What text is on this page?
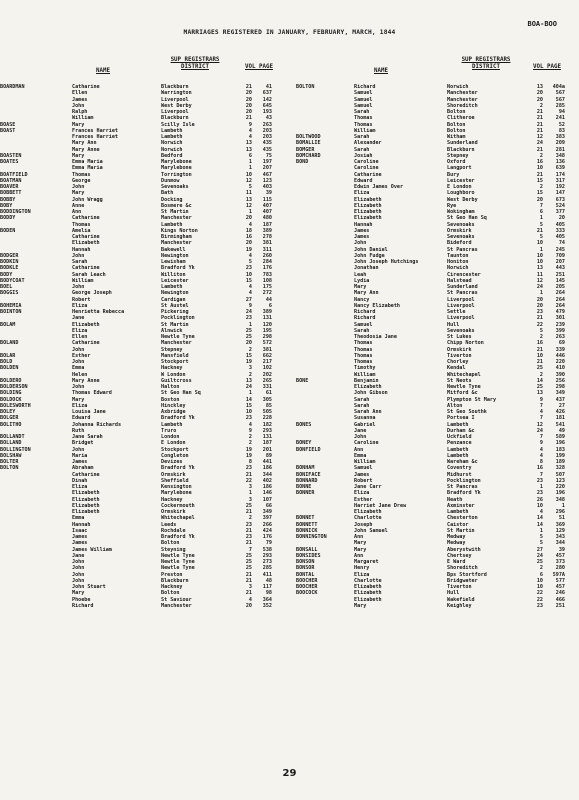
BOA-BOO
MARRIAGES REGISTERED IN JANUARY, FEBRUARY, MARCH, 1844
NAME
SUP REGISTRARS
DISTRICT	VOL PAGE
NAME
SUP REGISTRARS
DISTRICT	VOL PAGE
BOARDMAN	Catharine	Blackburn	21	41
Ellen	Warrington	20	637
James	Liverpool	20	142
John	West Derby	20	645
Ralph	Liverpool	20	193
William	Blackburn	21	43
BOASE	Mary	Scilly Isle	9	263
BOAST	Frances Harriet	Lambeth	4	203
Frances Harriet	Lambeth	4	203
Mary Ann	Norwich	13	435
Mary Anne	Norwich	13	435
BOASTEN	Mary	Bedford	6	75
BOATES	Emma Maria	Marylebone	1	197
Emma Maria	Marylebone	1	207
BOATFIELD	Thomas	Torrington	10	467
BOATMAN	George	Dunmow	12	123
BOAVER	John	Sevenoaks	5	403
BOBBETT	Mary	Bath	11	39
BOBBY	John Wragg	Docking	13	115
BOBY	Anne	Bosmere &c	12	407
BODDINGTON	Ann	St Martin	1	407
BODDY	Catharine	Manchester	20	480
Thomas	Lambeth	4	187
BODEN	Amelia	Kings Norton	18	389
Catharine	Birmingham	16	278
Elizabeth	Manchester	20	381
Hannah	Bakewell	19	311
BODGER	John	Newington	4	260
BODKIN	Sarah	Lewisham	5	284
BODKLE	Catharine	Bradford Yk	23	176
BODY	Sarah Leach	Williton	10	783
BODYCOAT	William	Leicester	15	108
BOEL	John	Lambeth	4	175
BOGGIS	George Joseph	Newington	4	272
Robert	Cardigan	27	44
BOHEMIA	Eliza	St Austel	9	6
BOINTON	Henrietta Rebecca	Pickering	24	389
Jane	Pocklington	23	131
BOLAM	Elizabeth	St Martin	1	120
Eliza	Alnwick	25	195
Ellen	Newtle Tyne	25	298
BOLAND	Catharine	Manchester	20	572
John	Stepney	2	381
BOLAR	Esther	Mansfield	15	662
BOLD	John	Stockport	19	217
BOLDEN	Emma	Hackney	3	102
Helen	W London	2	202
BOLDERO	Mary Anne	Guiltcross	13	265
BOLDERSON	John	Halton	24	331
BOLDING	Thomas Edward	St Geo Han Sq	1	61
BOLDOCK	Mary	Boston	14	305
BOLESWORTH	Eliza	Hinckley	15	85
BOLEY	Louisa Jane	Axbridge	10	505
BOLGER	Edward	Bradford Yk	23	228
BOLITHO	Johanna Richards	Lambeth	4	182
Ruth	Truro	9	293
BOLLANDT	Jane Sarah	London	2	131
BOLLAND	Bridget	E London	2	187
BOLLINGTON	John	Stockport	19	201
BOLSHAW	Maria	Congleton	19	89
BOLTER	James	Devizes	8	441
BOLTON	Abraham	Bradford Yk	23	186
Catharine	Ormskirk	21	344
Dinah	Sheffield	22	402
Eliza	Kensington	3	186
Elizabeth	Marylebone	1	146
Elizabeth	Hackney	3	107
Elizabeth	Cockermouth	25	66
Elizabeth	Ormskirk	21	349
Emma	Whitechapel	2	397
Hannah	Leeds	23	266
Isaac	Rochdale	21	424
James	Bradford Yk	23	176
James	Bolton	21	79
James William	Steyning	7	538
Jane	Newtle Tyne	25	293
John	Newtle Tyne	25	273
John	Newtle Tyne	25	285
John	Preston	21	411
John	Blackburn	21	48
John Stuart	Hackney	3	117
Mary	Bolton	21	98
Phoebe	St Saviour	4	364
Richard	Manchester	20	352
BOLTON	Richard	Norwich	13	404a
Samuel	Manchester	20	567
Samuel	Manchester	20	567
Samuel	Shoreditch	2	285
Sarah	Bolton	21	94
Thomas	Clitheroe	21	241
Thomas	Bolton	21	52
William	Bolton	21	83
BOLTWOOD	Sarah	Witham	12	383
BOMALLIE	Alexander	Sunderland	24	209
BOMGER	Sarah	Blackburn	21	281
BOMCHARD	Josiah	Stepney	2	348
BOND	Caroline	Oxford	16	136
Caroline	Langport	10	639
Catharine	Bury	21	174
Edward	Leicester	15	317
Edwin James Over	E London	2	192
Eliza	Loughboro	15	147
Elizabeth	West Derby	20	673
Elizabeth	Rye	7	524
Elizabeth	Wokingham	6	377
Elizabeth	St Geo Han Sq	1	20
Hannah	Sevenoaks	5	405
James	Ormskirk	21	333
James	Sevenoaks	5	405
John	Bideford	10	74
John Daniel	St Pancras	1	245
John Fudge	Taunton	10	709
John Joseph Hutchings	Honiton	10	207
Jonathan	Norwich	13	443
Leah	Cirencester	11	251
Lydia	Halstead	12	145
Mary	Sunderland	24	205
Mary Ann	St Pancras	1	264
Nancy	Liverpool	20	264
Nancy Elizabeth	Liverpool	20	264
Richard	Settle	23	479
Richard	Liverpool	21	301
Samuel	Hull	22	239
Sarah	Sevenoaks	5	399
Theodosia Jane	St Lukes	2	263
Thomas	Chipp Norton	16	69
Thomas	Ormskirk	21	339
Thomas	Tiverton	10	446
Thomas	Chorley	21	220
Timothy	Kendal	25	410
William	Whitechapel	2	390
BONE	Benjamin	St Neots	14	256
Elizabeth	Newtle Tyne	25	298
John Gibson	Mitford &c	13	349
Sarah	Plympton St Mary	9	437
Sarah	Alton	7	27
Sarah Ann	St Geo Southk	4	426
Susanna	Portsea I	7	181
BONES	Gabriel	Lambeth	12	541
Jane	Durham &c	24	49
John	Uckfield	7	589
BONEY	Caroline	Penzance	9	196
BONFIELD	Ann	Lambeth	4	183
Emma	Lambeth	4	199
William	Wareham &c	8	189
BONHAM	Samuel	Coventry	16	328
BONIFACE	James	Midhurst	7	507
BONNARD	Robert	Pocklington	23	123
BONNE	Jane Carr	St Pancras	1	220
BONNER	Eliza	Bradford Yk	23	196
Esther	Neath	26	348
Harriet Jane Drew	Axminster	10	1
Elizabeth	Lambeth	4	296
BONNET	Charlotte	Chesterton	14	51
BONNETT	Joseph	Caistor	14	369
BONNICK	John Samuel	St Martin	1	129
BONNINGTON	Ann	Medway	5	343
Mary	Medway	5	344
BONSALL	Mary	Aberystwith	27	39
BONSIDES	Ann	Chertsey	24	457
BONSON	Margaret	E Ward	25	373
BONSOR	Henry	Shoreditch	2	280
BONTAL	Eliza	Bps Stortford	6	597A
BOOCHER	Charlotte	Bridgwater	10	577
BOOCHER	Elizabeth	Tiverton	10	457
BOOCOCK	Elizabeth	Hull	22	246
Elizabeth	Wakefield	22	466
Mary	Keighley	23	251
29
